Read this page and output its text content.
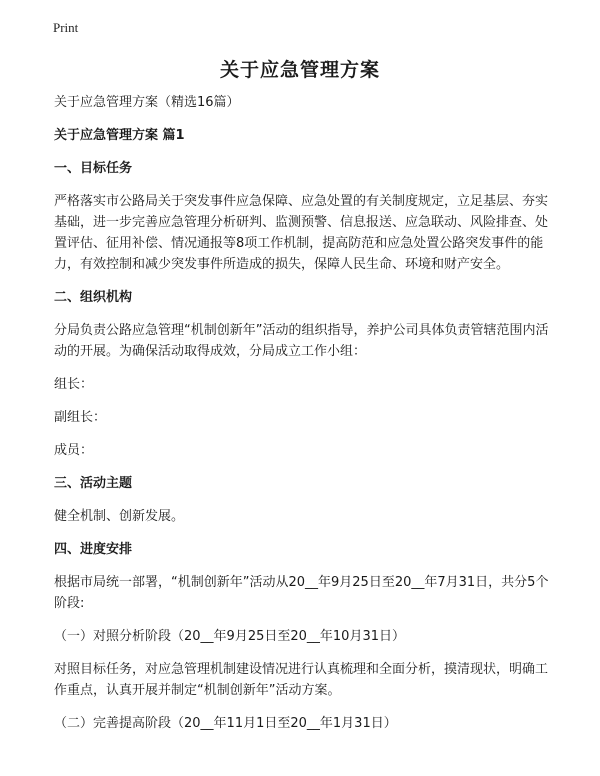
Print
关于应急管理方案

关于应急管理方案（精选16篇）

关于应急管理方案 篇1

一、目标任务

严格落实市公路局关于突发事件应急保障、应急处置的有关制度规定，立足基层、夯实基础，进一步完善应急管理分析研判、监测预警、信息报送、应急联动、风险排查、处置评估、征用补偿、情况通报等8项工作机制，提高防范和应急处置公路突发事件的能力，有效控制和减少突发事件所造成的损失，保障人民生命、环境和财产安全。

二、组织机构

分局负责公路应急管理“机制创新年”活动的组织指导，养护公司具体负责管辖范围内活动的开展。为确保活动取得成效，分局成立工作小组：

组长：

副组长：

成员：

三、活动主题

健全机制、创新发展。

四、进度安排

根据市局统一部署，“机制创新年”活动从20__年9月25日至20__年7月31日，共分5个阶段:

（一）对照分析阶段（20__年9月25日至20__年10月31日）

对照目标任务，对应急管理机制建设情况进行认真梳理和全面分析，摸清现状，明确工作重点，认真开展并制定“机制创新年”活动方案。

（二）完善提高阶段（20__年11月1日至20__年1月31日）
